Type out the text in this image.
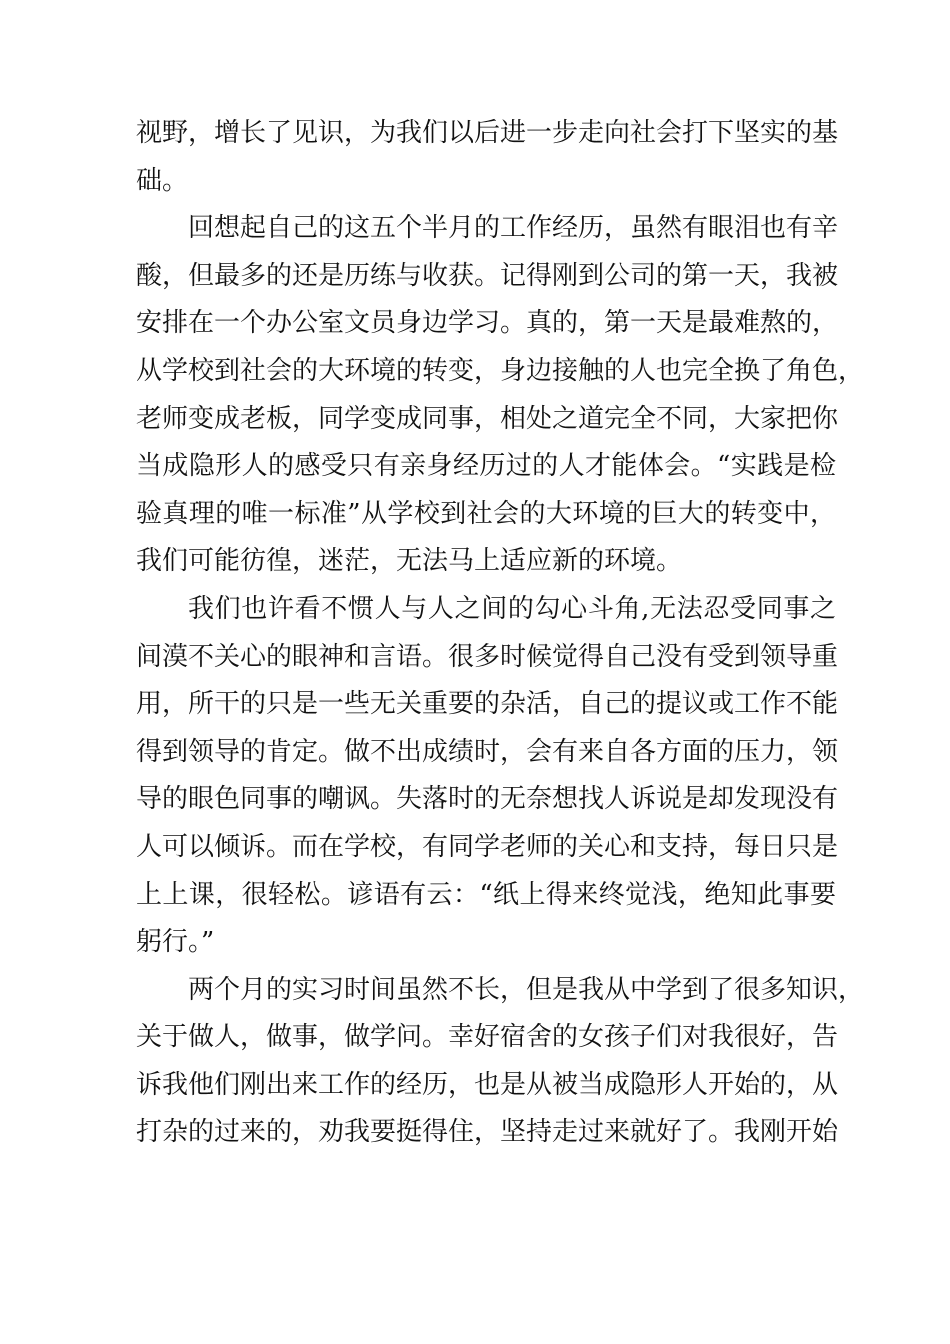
视野，增长了见识，为我们以后进一步走向社会打下坚实的基
础。
回想起自己的这五个半月的工作经历，虽然有眼泪也有辛
酸，但最多的还是历练与收获。记得刚到公司的第一天，我被
安排在一个办公室文员身边学习。真的，第一天是最难熬的，
从学校到社会的大环境的转变，身边接触的人也完全换了角色，
老师变成老板，同学变成同事，相处之道完全不同，大家把你
当成隐形人的感受只有亲身经历过的人才能体会。“实践是检
验真理的唯一标准”从学校到社会的大环境的巨大的转变中，
我们可能彷徨，迷茫，无法马上适应新的环境。
我们也许看不惯人与人之间的勾心斗角,无法忍受同事之
间漠不关心的眼神和言语。很多时候觉得自己没有受到领导重
用，所干的只是一些无关重要的杂活，自己的提议或工作不能
得到领导的肯定。做不出成绩时，会有来自各方面的压力，领
导的眼色同事的嘲讽。失落时的无奈想找人诉说是却发现没有
人可以倾诉。而在学校，有同学老师的关心和支持，每日只是
上上课，很轻松。谚语有云：“纸上得来终觉浅，绝知此事要
躬行。”
两个月的实习时间虽然不长，但是我从中学到了很多知识，
关于做人，做事，做学问。幸好宿舍的女孩子们对我很好，告
诉我他们刚出来工作的经历，也是从被当成隐形人开始的，从
打杂的过来的，劝我要挺得住，坚持走过来就好了。我刚开始
